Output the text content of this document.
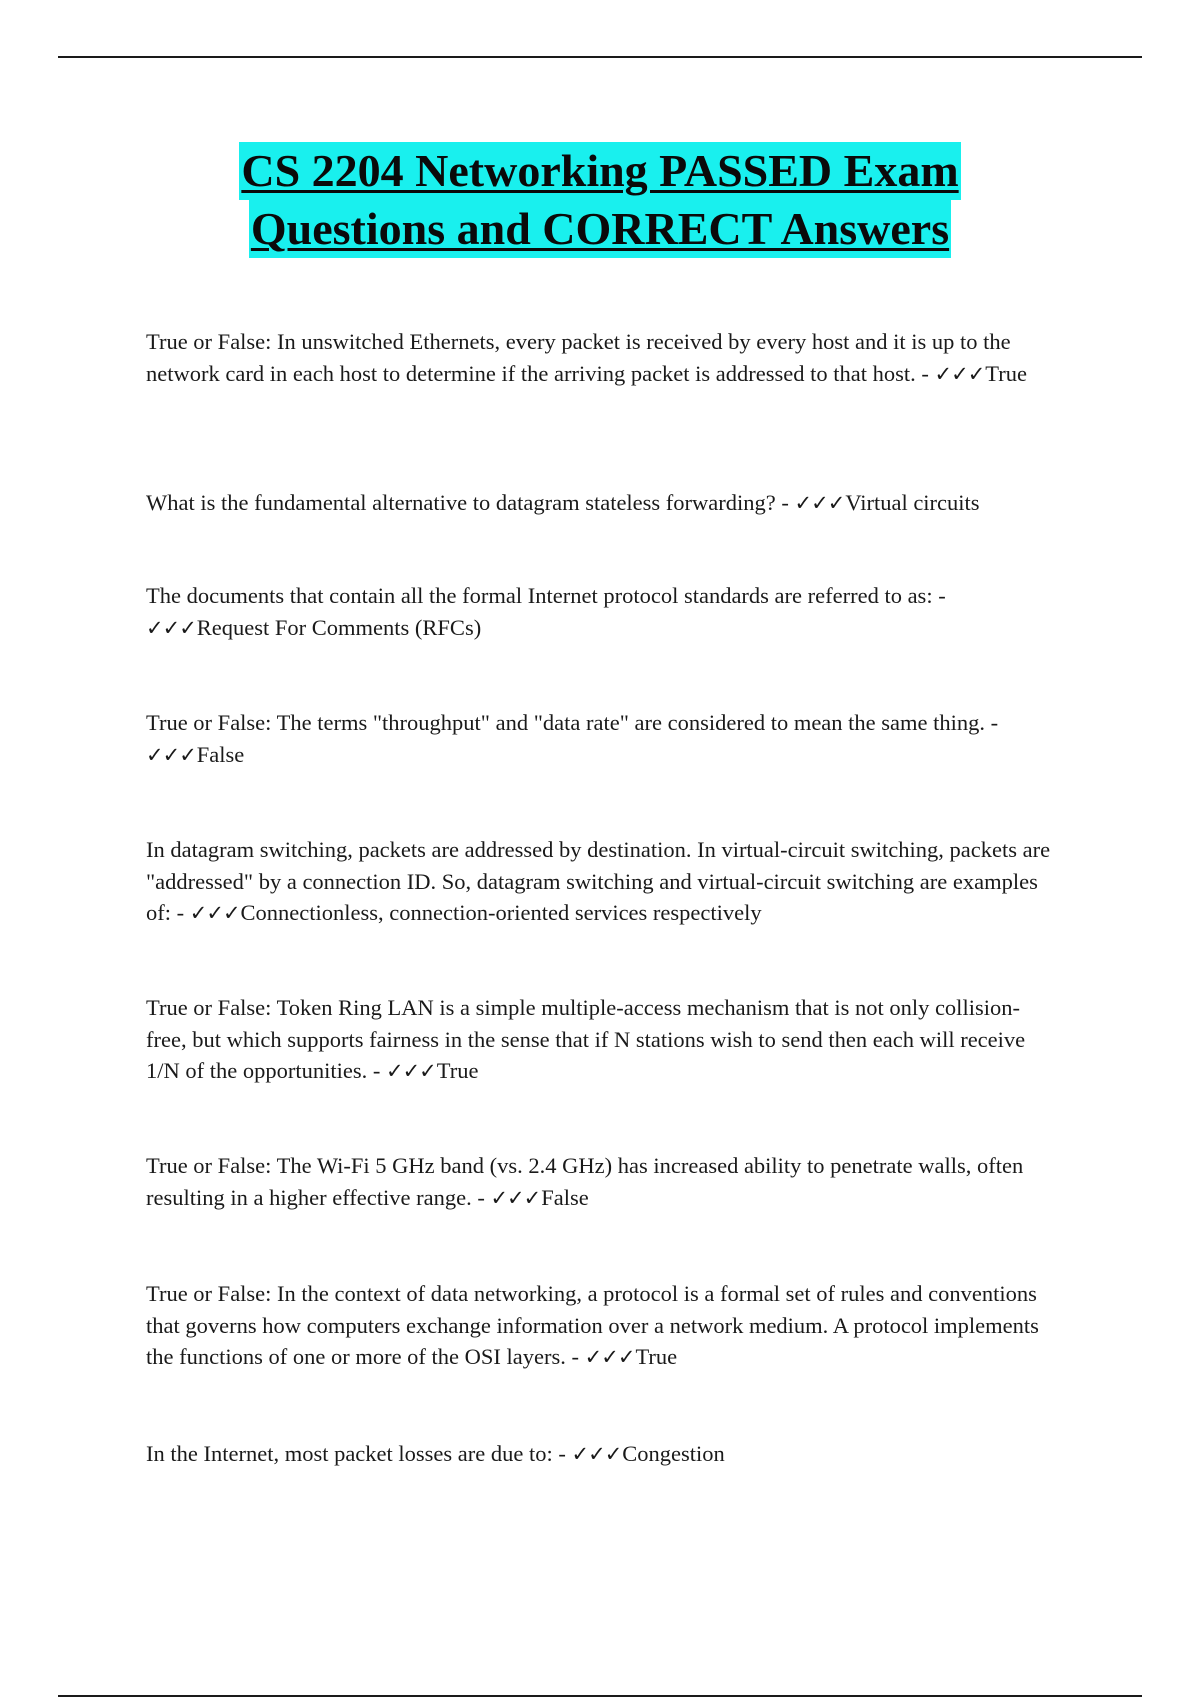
CS 2204 Networking PASSED Exam
Questions and CORRECT Answers
True or False: In unswitched Ethernets, every packet is received by every host and it is up to the network card in each host to determine if the arriving packet is addressed to that host. - ✓✓✓True
What is the fundamental alternative to datagram stateless forwarding? - ✓✓✓Virtual circuits
The documents that contain all the formal Internet protocol standards are referred to as: - ✓✓✓Request For Comments (RFCs)
True or False: The terms "throughput" and "data rate" are considered to mean the same thing. - ✓✓✓False
In datagram switching, packets are addressed by destination. In virtual-circuit switching, packets are "addressed" by a connection ID. So, datagram switching and virtual-circuit switching are examples of: - ✓✓✓Connectionless, connection-oriented services respectively
True or False: Token Ring LAN is a simple multiple-access mechanism that is not only collision-free, but which supports fairness in the sense that if N stations wish to send then each will receive 1/N of the opportunities. - ✓✓✓True
True or False: The Wi-Fi 5 GHz band (vs. 2.4 GHz) has increased ability to penetrate walls, often resulting in a higher effective range. - ✓✓✓False
True or False: In the context of data networking, a protocol is a formal set of rules and conventions that governs how computers exchange information over a network medium. A protocol implements the functions of one or more of the OSI layers. - ✓✓✓True
In the Internet, most packet losses are due to: - ✓✓✓Congestion
